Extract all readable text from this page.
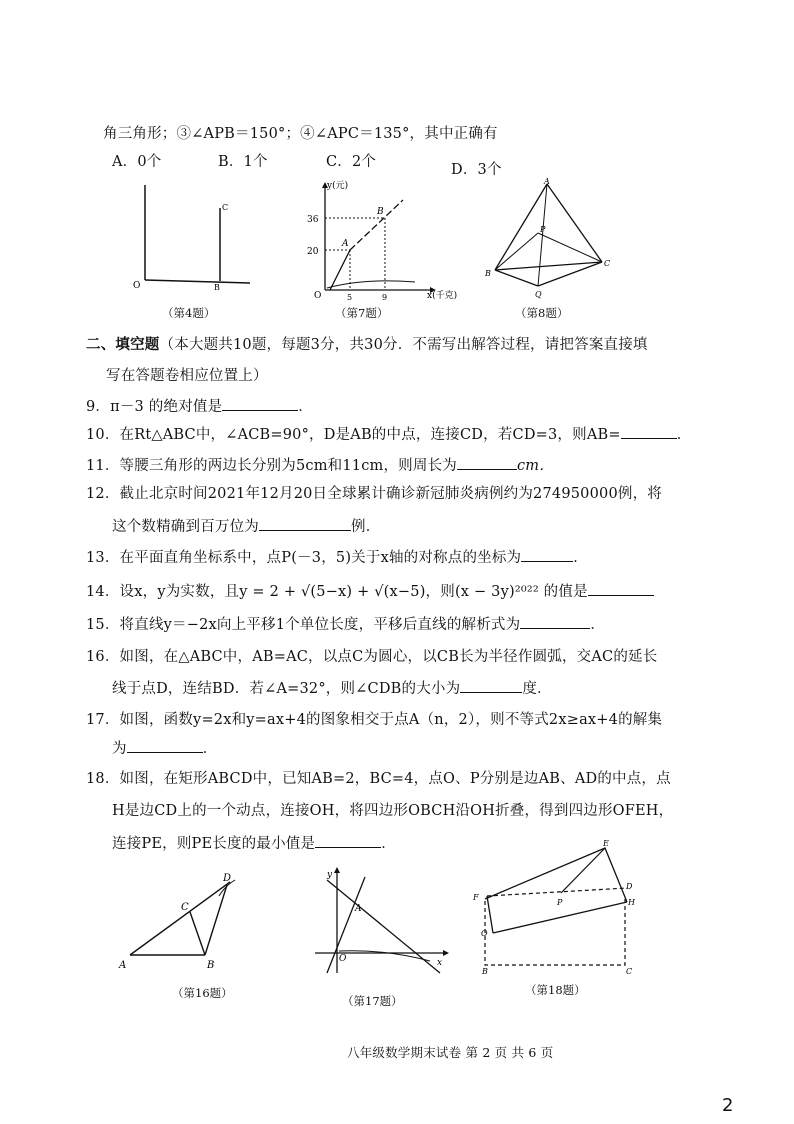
角三角形；③∠APB＝150°；④∠APC＝135°，其中正确有
A．0个	B．1个	C．2个	D．3个
O	B
C
（第4题）
O
y(元)
x(千克)
36
20
A
B
5	9
（第7题）
A
B
C
P
Q
（第8题）
二、填空题（本大题共10题，每题3分，共30分．不需写出解答过程，请把答案直接填
写在答题卷相应位置上）
9．π－3 的绝对值是	．
10．在Rt△ABC中，∠ACB=90°，D是AB的中点，连接CD，若CD=3，则AB=	．
11．等腰三角形的两边长分别为5cm和11cm，则周长为	cm．
12．截止北京时间2021年12月20日全球累计确诊新冠肺炎病例约为274950000例，将
这个数精确到百万位为	例．
13．在平面直角坐标系中，点P(－3，5)关于x轴的对称点的坐标为	．
14．设x，y为实数，且y = 2 + √(5−x) + √(x−5)，则(x − 3y)²⁰²² 的值是
15．将直线y＝−2x向上平移1个单位长度，平移后直线的解析式为	．
16．如图，在△ABC中，AB=AC，以点C为圆心，以CB长为半径作圆弧，交AC的延长
线于点D，连结BD．若∠A=32°，则∠CDB的大小为	度．
17．如图，函数y=2x和y=ax+4的图象相交于点A（n，2），则不等式2x≥ax+4的解集
为	．
18．如图，在矩形ABCD中，已知AB=2，BC=4，点O、P分别是边AB、AD的中点，点
H是边CD上的一个动点，连接OH，将四边形OBCH沿OH折叠，得到四边形OFEH，
连接PE，则PE长度的最小值是	．
A	B
C
D
（第16题）
y
x
O
A
（第17题）
E
F
D
P	H
O
B	C
（第18题）
八年级数学期末试卷 第 2 页 共 6 页
2
